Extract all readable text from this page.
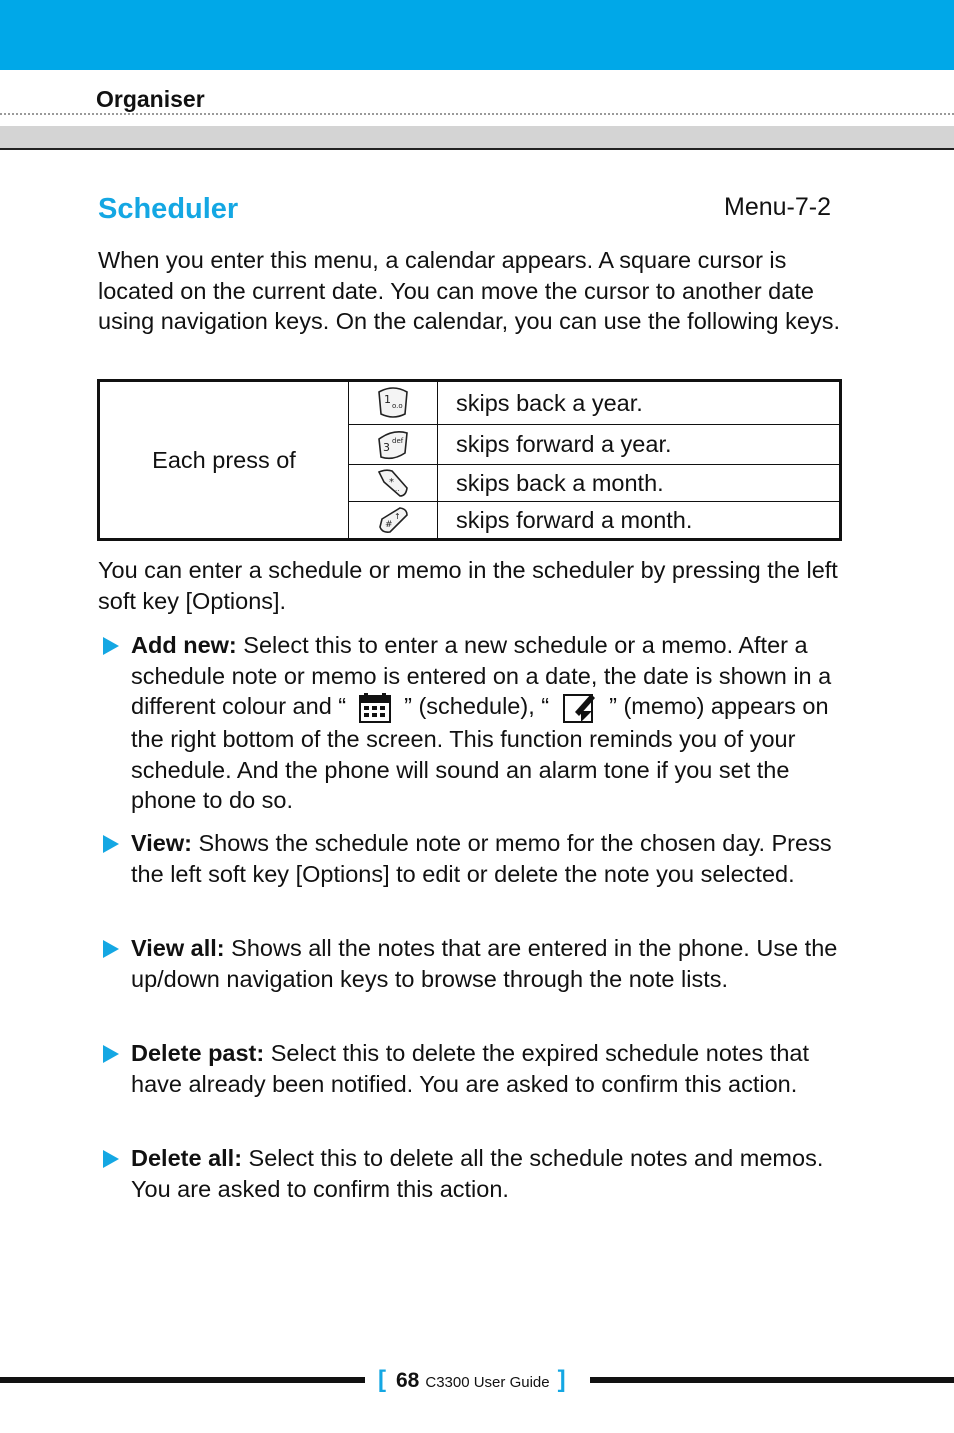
Organiser
Scheduler	Menu-7-2

When you enter this menu, a calendar appears. A square cursor is located on the current date. You can move the cursor to another date using navigation keys. On the calendar, you can use the following keys.

Each press of	1 o.o	skips back a year.

3 def	skips forward a year.

*
..	skips back a month.

#
↑	skips forward a month.

You can enter a schedule or memo in the scheduler by pressing the left soft key [Options].

Add new: Select this to enter a new schedule or a memo. After a schedule note or memo is entered on a date, the date is shown in a different colour and “ ” (schedule), “	” (memo) appears on the right bottom of the screen. This function reminds you of your schedule. And the phone will sound an alarm tone if you set the phone to do so.

View: Shows the schedule note or memo for the chosen day. Press the left soft key [Options] to edit or delete the note you selected.

View all: Shows all the notes that are entered in the phone. Use the up/down navigation keys to browse through the note lists.

Delete past: Select this to delete the expired schedule notes that have already been notified. You are asked to confirm this action.

Delete all: Select this to delete all the schedule notes and memos. You are asked to confirm this action.

[ 68 C3300 User Guide ]
